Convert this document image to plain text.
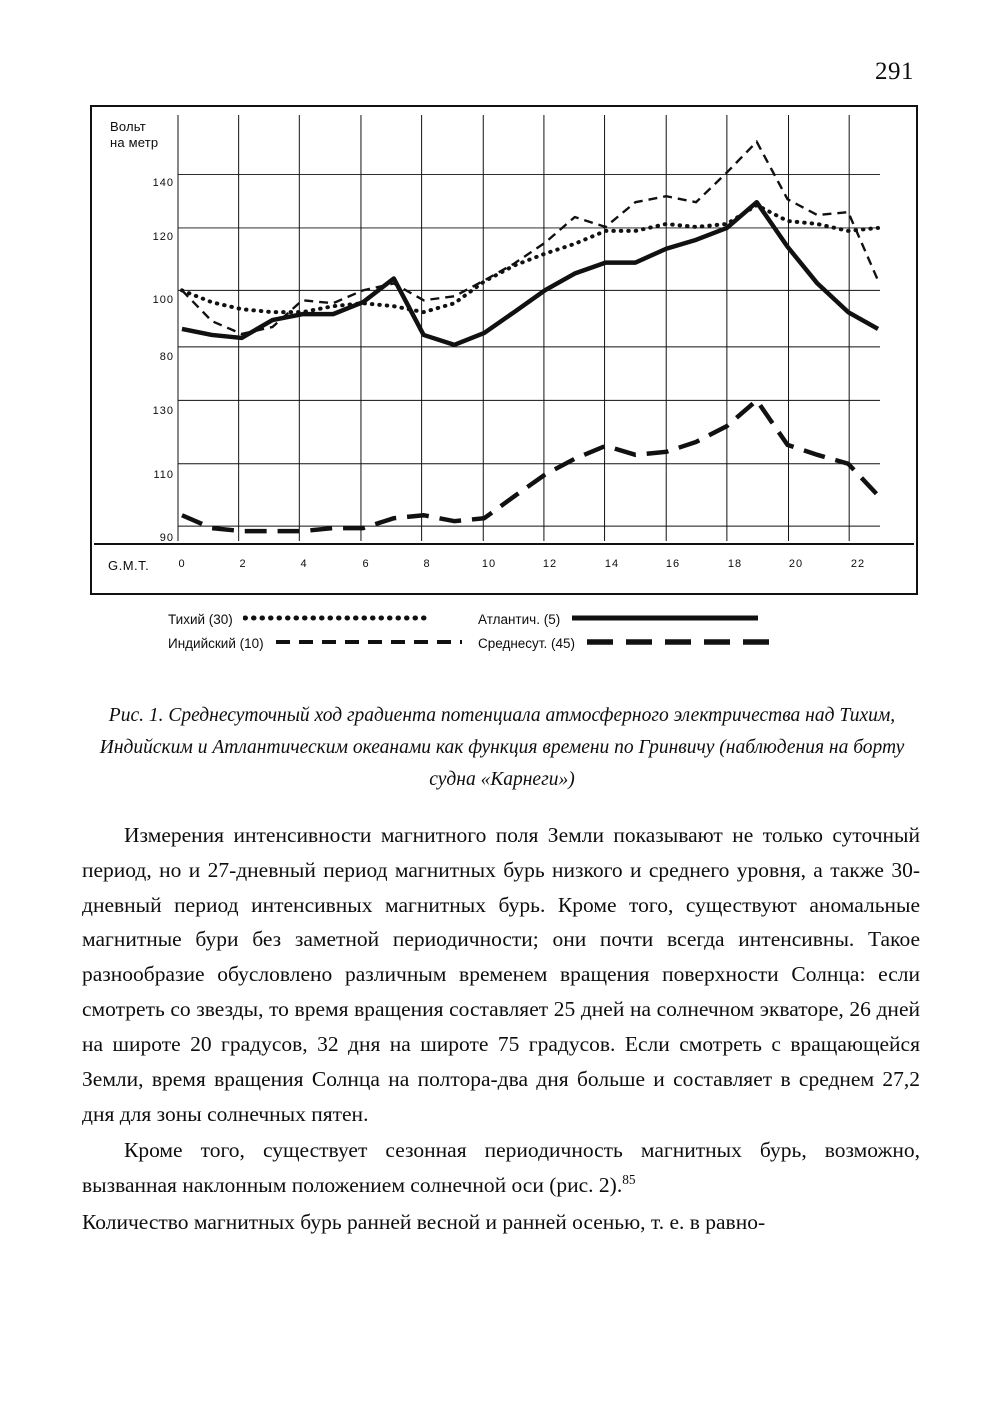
291
Вольт
на метр
140
120
100
80
130
110
90
G.M.T.	0	2	4	6	8	10	12	14	16	18	20	22
Тихий (30)	Атлантич. (5)
Индийский (10)	Среднесут. (45)
Рис. 1. Среднесуточный ход градиента потенциала атмосферного электричества над Тихим, Индийским и Атлантическим океанами как функция времени по Гринвичу (наблюдения на борту судна «Карнеги»)

Измерения интенсивности магнитного поля Земли показывают не только суточный период, но и 27-дневный период магнитных бурь низкого и среднего уровня, а также 30-дневный период интенсивных магнитных бурь. Кроме того, существуют аномальные магнитные бури без заметной периодичности; они почти всегда интенсивны. Такое разнообразие обусловлено различным временем вращения поверхности Солнца: если смотреть со звезды, то время вращения составляет 25 дней на солнечном экваторе, 26 дней на широте 20 градусов, 32 дня на широте 75 градусов. Если смотреть с вращающейся Земли, время вращения Солнца на полтора-два дня больше и составляет в среднем 27,2 дня для зоны солнечных пятен.

Кроме того, существует сезонная периодичность магнитных бурь, возможно, вызванная наклонным положением солнечной оси (рис. 2).$^{85}$

Количество магнитных бурь ранней весной и ранней осенью, т. е. в равно-
